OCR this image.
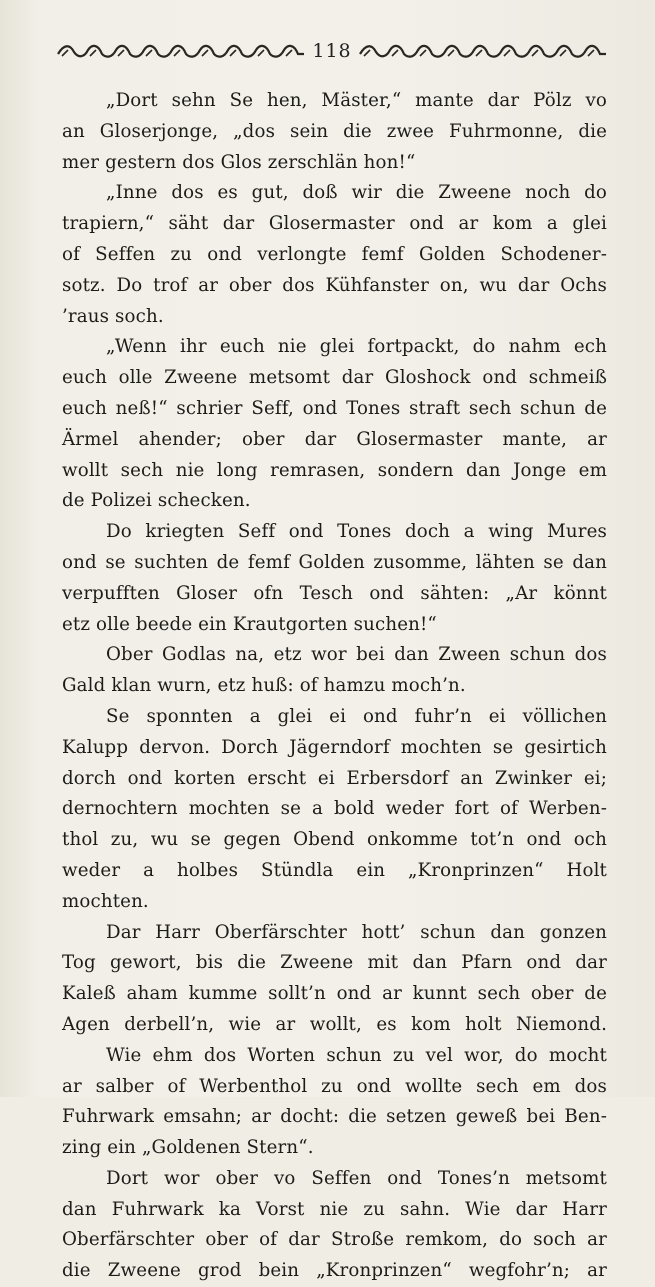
118
„Dort sehn Se hen, Mäster,“ mante dar Pölz vo
an Gloserjonge, „dos sein die zwee Fuhrmonne, die
mer gestern dos Glos zerschlän hon!“
„Inne dos es gut, doß wir die Zweene noch do
trapiern,“ säht dar Glosermaster ond ar kom a glei
of Seffen zu ond verlongte femf Golden Schodener-
sotz. Do trof ar ober dos Kühfanster on, wu dar Ochs
’raus soch.
„Wenn ihr euch nie glei fortpackt, do nahm ech
euch olle Zweene metsomt dar Gloshock ond schmeiß
euch neß!“ schrier Seff, ond Tones straft sech schun de
Ärmel ahender; ober dar Glosermaster mante, ar
wollt sech nie long remrasen, sondern dan Jonge em
de Polizei schecken.
Do kriegten Seff ond Tones doch a wing Mures
ond se suchten de femf Golden zusomme, lähten se dan
verpufften Gloser ofn Tesch ond sähten: „Ar könnt
etz olle beede ein Krautgorten suchen!“
Ober Godlas na, etz wor bei dan Zween schun dos
Gald klan wurn, etz huß: of hamzu moch’n.
Se sponnten a glei ei ond fuhr’n ei völlichen
Kalupp dervon. Dorch Jägerndorf mochten se gesirtich
dorch ond korten erscht ei Erbersdorf an Zwinker ei;
dernochtern mochten se a bold weder fort of Werben-
thol zu, wu se gegen Obend onkomme tot’n ond och
weder a holbes Stündla ein „Kronprinzen“ Holt
mochten.
Dar Harr Oberfärschter hott’ schun dan gonzen
Tog gewort, bis die Zweene mit dan Pfarn ond dar
Kaleß aham kumme sollt’n ond ar kunnt sech ober de
Agen derbell’n, wie ar wollt, es kom holt Niemond.
Wie ehm dos Worten schun zu vel wor, do mocht
ar salber of Werbenthol zu ond wollte sech em dos
Fuhrwark emsahn; ar docht: die setzen geweß bei Ben-
zing ein „Goldenen Stern“.
Dort wor ober vo Seffen ond Tones’n metsomt
dan Fuhrwark ka Vorst nie zu sahn. Wie dar Harr
Oberfärschter ober of dar Stroße remkom, do soch ar
die Zweene grod bein „Kronprinzen“ wegfohr’n; ar
